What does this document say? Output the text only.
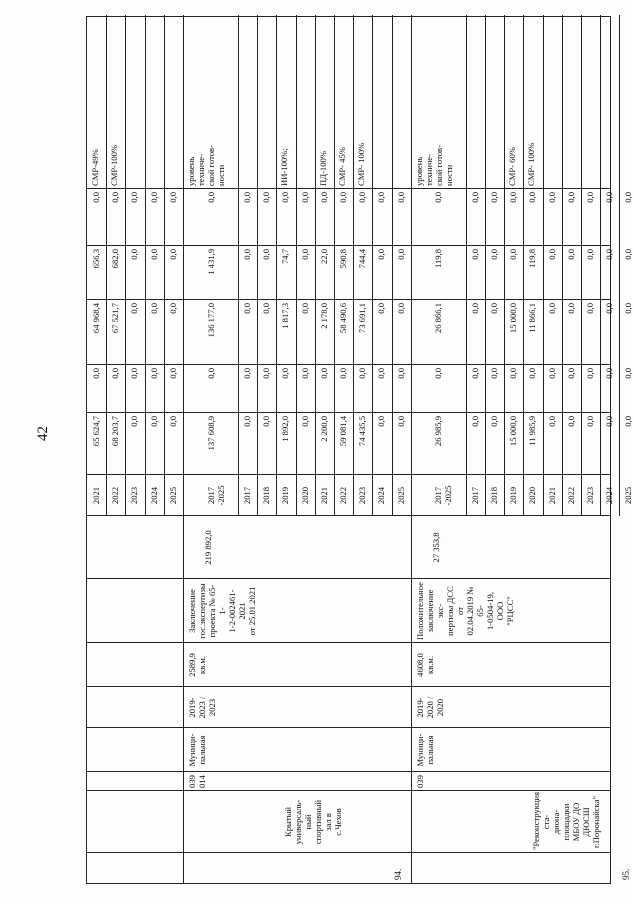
42
2021
65 624,7
0,0
64 968,4
656,3
0,0
СМР-49%
2022
68 203,7
0,0
67 521,7
682,0
0,0
СМР-100%
2023
0,0
0,0
0,0
0,0
0,0
2024
0,0
0,0
0,0
0,0
0,0
2025
0,0
0,0
0,0
0,0
0,0
2017 -2025
137 608,9
0,0
136 177,0
1 431,9
0,0
уровень
техниче-
ской готов-
ности
2017
0,0
0,0
0,0
0,0
0,0
2018
0,0
0,0
0,0
0,0
0,0
2019
1 892,0
0,0
1 817,3
74,7
0,0
ИИ-100%;
2020
0,0
0,0
0,0
0,0
0,0
2021
2 200,0
0,0
2 178,0
22,0
0,0
ПД-100%
2022
59 081,4
0,0
58 490,6
590,8
0,0
СМР- 45%
2023
74 435,5
0,0
73 691,1
744,4
0,0
СМР- 100%
2024
0,0
0,0
0,0
0,0
0,0
2025
0,0
0,0
0,0
0,0
0,0
94.
Крытый универсаль-
ный спортивный зал в
с.Чехов
039
014
Муници-
пальная
2019-
2023 /
2023
2589,9
кв.м.
Заключение
гос.экспертизы
проекта № 65-1-
1-2-002461-2021
от 25.01.2021
219 892,0
2017 -2025
26 985,9
0,0
26 866,1
119,8
0,0
уровень
техниче-
ской готов-
ности
2017
0,0
0,0
0,0
0,0
0,0
2018
0,0
0,0
0,0
0,0
0,0
2019
15 000,0
0,0
15 000,0
0,0
0,0
СМР- 60%
2020
11 985,9
0,0
11 866,1
119,8
0,0
СМР- 100%
2021
0,0
0,0
0,0
0,0
0,0
2022
0,0
0,0
0,0
0,0
0,0
2023
0,0
0,0
0,0
0,0
0,0
2024
0,0
0,0
0,0
0,0
0,0
2025
0,0
0,0
0,0
0,0
0,0
95.
"Реконструкция ста-
диона-площадки
МБОУ ДО ДЮСШ
г.Поронайска"
039
Муници-
пальная
2019-
2020 /
2020
4608,0
кв.м.
Положительное
заключение экс-
пертизы ДСС от
02.04.2019 № 65-
1-0504-19, ООО
"РЦСС"
27 353,8
